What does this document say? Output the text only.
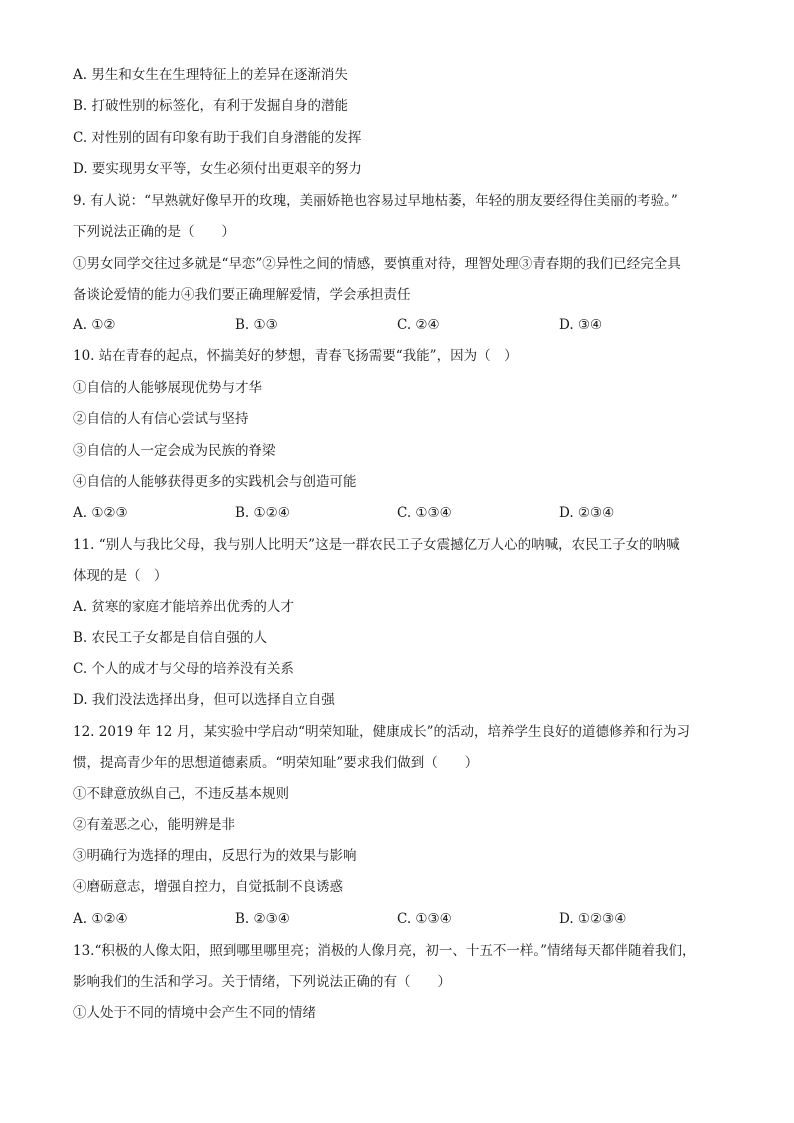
A. 男生和女生在生理特征上的差异在逐渐消失
B. 打破性别的标签化，有利于发掘自身的潜能
C. 对性别的固有印象有助于我们自身潜能的发挥
D. 要实现男女平等，女生必须付出更艰辛的努力
9. 有人说：“早熟就好像早开的玫瑰，美丽娇艳也容易过早地枯萎，年轻的朋友要经得住美丽的考验。”
下列说法正确的是（　　）
①男女同学交往过多就是“早恋”②异性之间的情感，要慎重对待，理智处理③青春期的我们已经完全具
备谈论爱情的能力④我们要正确理解爱情，学会承担责任
A. ①②	B. ①③	C. ②④	D. ③④
10. 站在青春的起点，怀揣美好的梦想，青春飞扬需要“我能”，因为（　）
①自信的人能够展现优势与才华
②自信的人有信心尝试与坚持
③自信的人一定会成为民族的脊梁
④自信的人能够获得更多的实践机会与创造可能
A. ①②③	B. ①②④	C. ①③④	D. ②③④
11. “别人与我比父母，我与别人比明天”这是一群农民工子女震撼亿万人心的呐喊，农民工子女的呐喊
体现的是（　）
A. 贫寒的家庭才能培养出优秀的人才
B. 农民工子女都是自信自强的人
C. 个人的成才与父母的培养没有关系
D. 我们没法选择出身，但可以选择自立自强
12. 2019 年 12 月，某实验中学启动“明荣知耻，健康成长”的活动，培养学生良好的道德修养和行为习
惯，提高青少年的思想道德素质。“明荣知耻”要求我们做到（　　）
①不肆意放纵自己，不违反基本规则
②有羞恶之心，能明辨是非
③明确行为选择的理由，反思行为的效果与影响
④磨砺意志，增强自控力，自觉抵制不良诱惑
A. ①②④	B. ②③④	C. ①③④	D. ①②③④
13.“积极的人像太阳，照到哪里哪里亮；消极的人像月亮，初一、十五不一样。”情绪每天都伴随着我们，
影响我们的生活和学习。关于情绪，下列说法正确的有（　　）
①人处于不同的情境中会产生不同的情绪
